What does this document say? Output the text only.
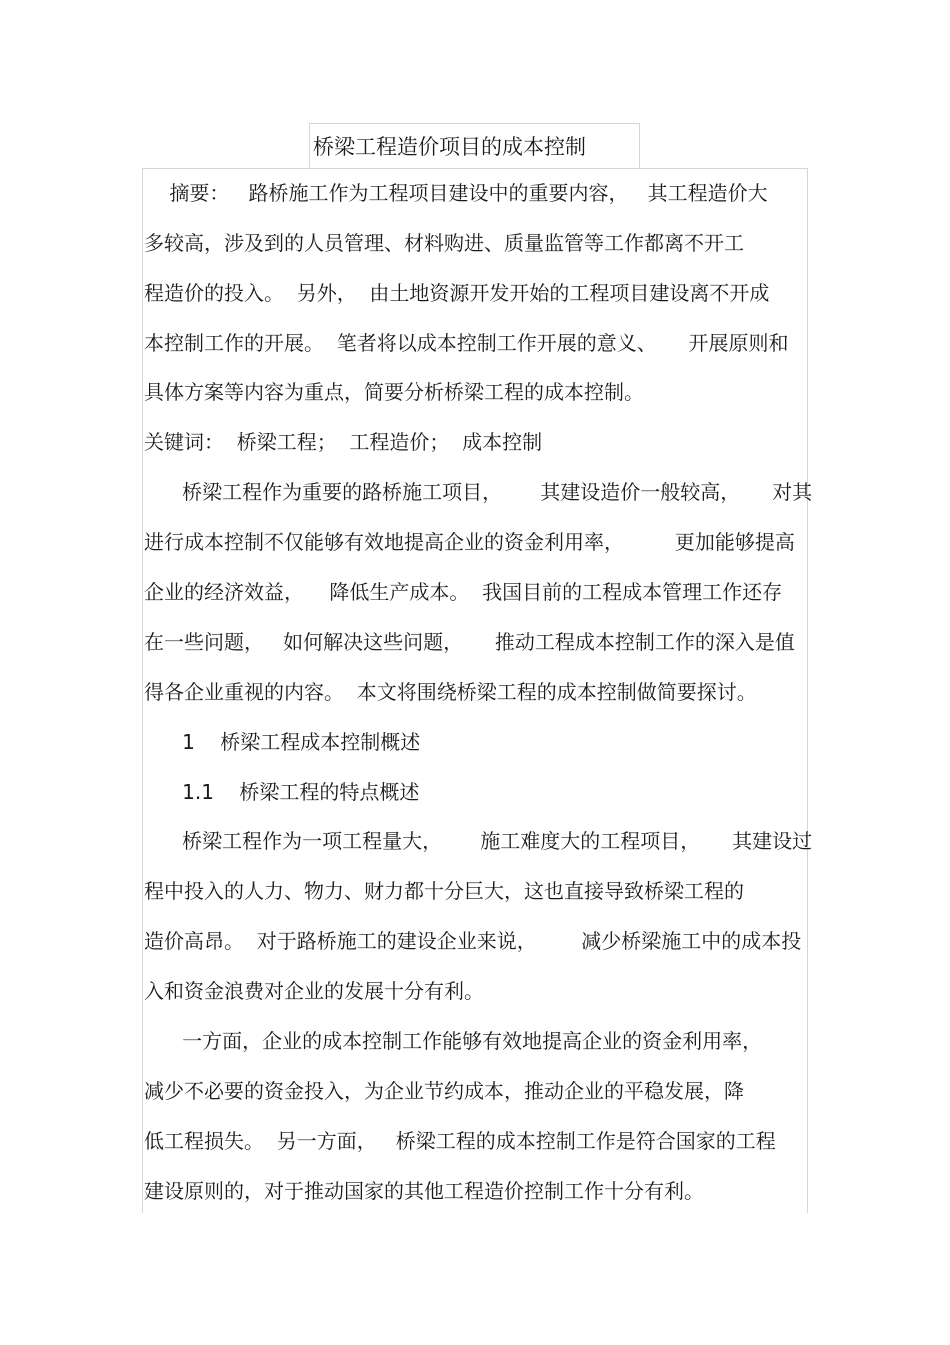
桥梁工程造价项目的成本控制
摘要：   路桥施工作为工程项目建设中的重要内容，   其工程造价大
多较高，涉及到的人员管理、材料购进、质量监管等工作都离不开工
程造价的投入。  另外，  由土地资源开发开始的工程项目建设离不开成
本控制工作的开展。  笔者将以成本控制工作开展的意义、     开展原则和
具体方案等内容为重点，简要分析桥梁工程的成本控制。
关键词：  桥梁工程；  工程造价；  成本控制
桥梁工程作为重要的路桥施工项目，      其建设造价一般较高，     对其
进行成本控制不仅能够有效地提高企业的资金利用率，        更加能够提高
企业的经济效益，    降低生产成本。  我国目前的工程成本管理工作还存
在一些问题，   如何解决这些问题，     推动工程成本控制工作的深入是值
得各企业重视的内容。  本文将围绕桥梁工程的成本控制做简要探讨。
1    桥梁工程成本控制概述
1.1    桥梁工程的特点概述
桥梁工程作为一项工程量大，      施工难度大的工程项目，     其建设过
程中投入的人力、物力、财力都十分巨大，这也直接导致桥梁工程的
造价高昂。  对于路桥施工的建设企业来说，       减少桥梁施工中的成本投
入和资金浪费对企业的发展十分有利。
一方面，企业的成本控制工作能够有效地提高企业的资金利用率，
减少不必要的资金投入，为企业节约成本，推动企业的平稳发展，降
低工程损失。  另一方面，   桥梁工程的成本控制工作是符合国家的工程
建设原则的，对于推动国家的其他工程造价控制工作十分有利。
